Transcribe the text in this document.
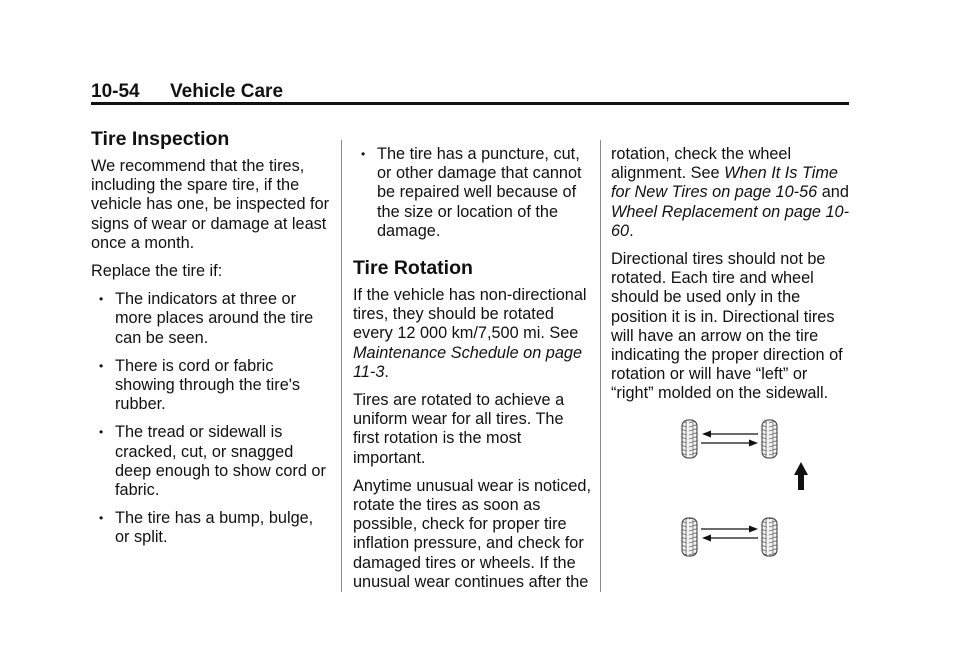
10-54 Vehicle Care
Tire Inspection

We recommend that the tires, including the spare tire, if the vehicle has one, be inspected for signs of wear or damage at least once a month.

Replace the tire if:

• The indicators at three or more places around the tire can be seen.
• There is cord or fabric showing through the tire's rubber.
• The tread or sidewall is cracked, cut, or snagged deep enough to show cord or fabric.
• The tire has a bump, bulge, or split.
• The tire has a puncture, cut, or other damage that cannot be repaired well because of the size or location of the damage.
Tire Rotation

If the vehicle has non-directional tires, they should be rotated every 12 000 km/7,500 mi. See Maintenance Schedule on page 11-3.

Tires are rotated to achieve a uniform wear for all tires. The first rotation is the most important.

Anytime unusual wear is noticed, rotate the tires as soon as possible, check for proper tire inflation pressure, and check for damaged tires or wheels. If the unusual wear continues after the

rotation, check the wheel alignment. See When It Is Time for New Tires on page 10-56 and Wheel Replacement on page 10-60.

Directional tires should not be rotated. Each tire and wheel should be used only in the position it is in. Directional tires will have an arrow on the tire indicating the proper direction of rotation or will have “left” or “right” molded on the sidewall.
